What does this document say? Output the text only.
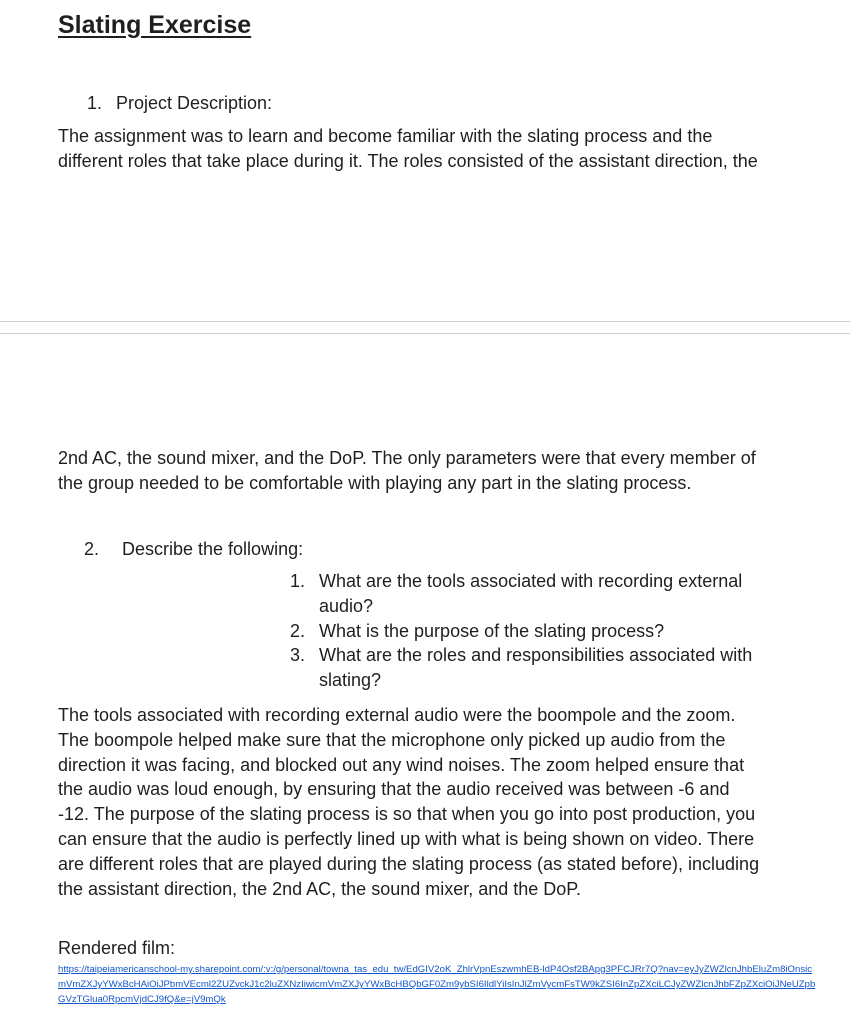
Slating Exercise
1. Project Description:
The assignment was to learn and become familiar with the slating process and the
different roles that take place during it. The roles consisted of the assistant direction, the
2nd AC, the sound mixer, and the DoP. The only parameters were that every member of
the group needed to be comfortable with playing any part in the slating process.
2. Describe the following:
1. What are the tools associated with recording external
audio?
2. What is the purpose of the slating process?
3. What are the roles and responsibilities associated with
slating?
The tools associated with recording external audio were the boompole and the zoom.
The boompole helped make sure that the microphone only picked up audio from the
direction it was facing, and blocked out any wind noises. The zoom helped ensure that
the audio was loud enough, by ensuring that the audio received was between -6 and
-12. The purpose of the slating process is so that when you go into post production, you
can ensure that the audio is perfectly lined up with what is being shown on video. There
are different roles that are played during the slating process (as stated before), including
the assistant direction, the 2nd AC, the sound mixer, and the DoP.
Rendered film:
https://taipeiamericanschool-my.sharepoint.com/:v:/g/personal/towna_tas_edu_tw/EdGIV2oK_ZhlrVpnEszwmhEB-ldP4Osf2BApg3PFCJRr7Q?nav=eyJyZWZlcnJhbEluZm8iOnsicmVmZXJyYWxBcHAiOiJPbmVEcml2ZUZvckJ1c2luZXNzIiwicmVmZXJyYWxBcHBQbGF0Zm9ybSI6IldlYiIsInJlZmVycmFsTW9kZSI6InZpZXciLCJyZWZlcnJhbFZpZXciOiJNeUZpbGVzTGlua0RpcmVjdCJ9fQ&e=jV9mQk
